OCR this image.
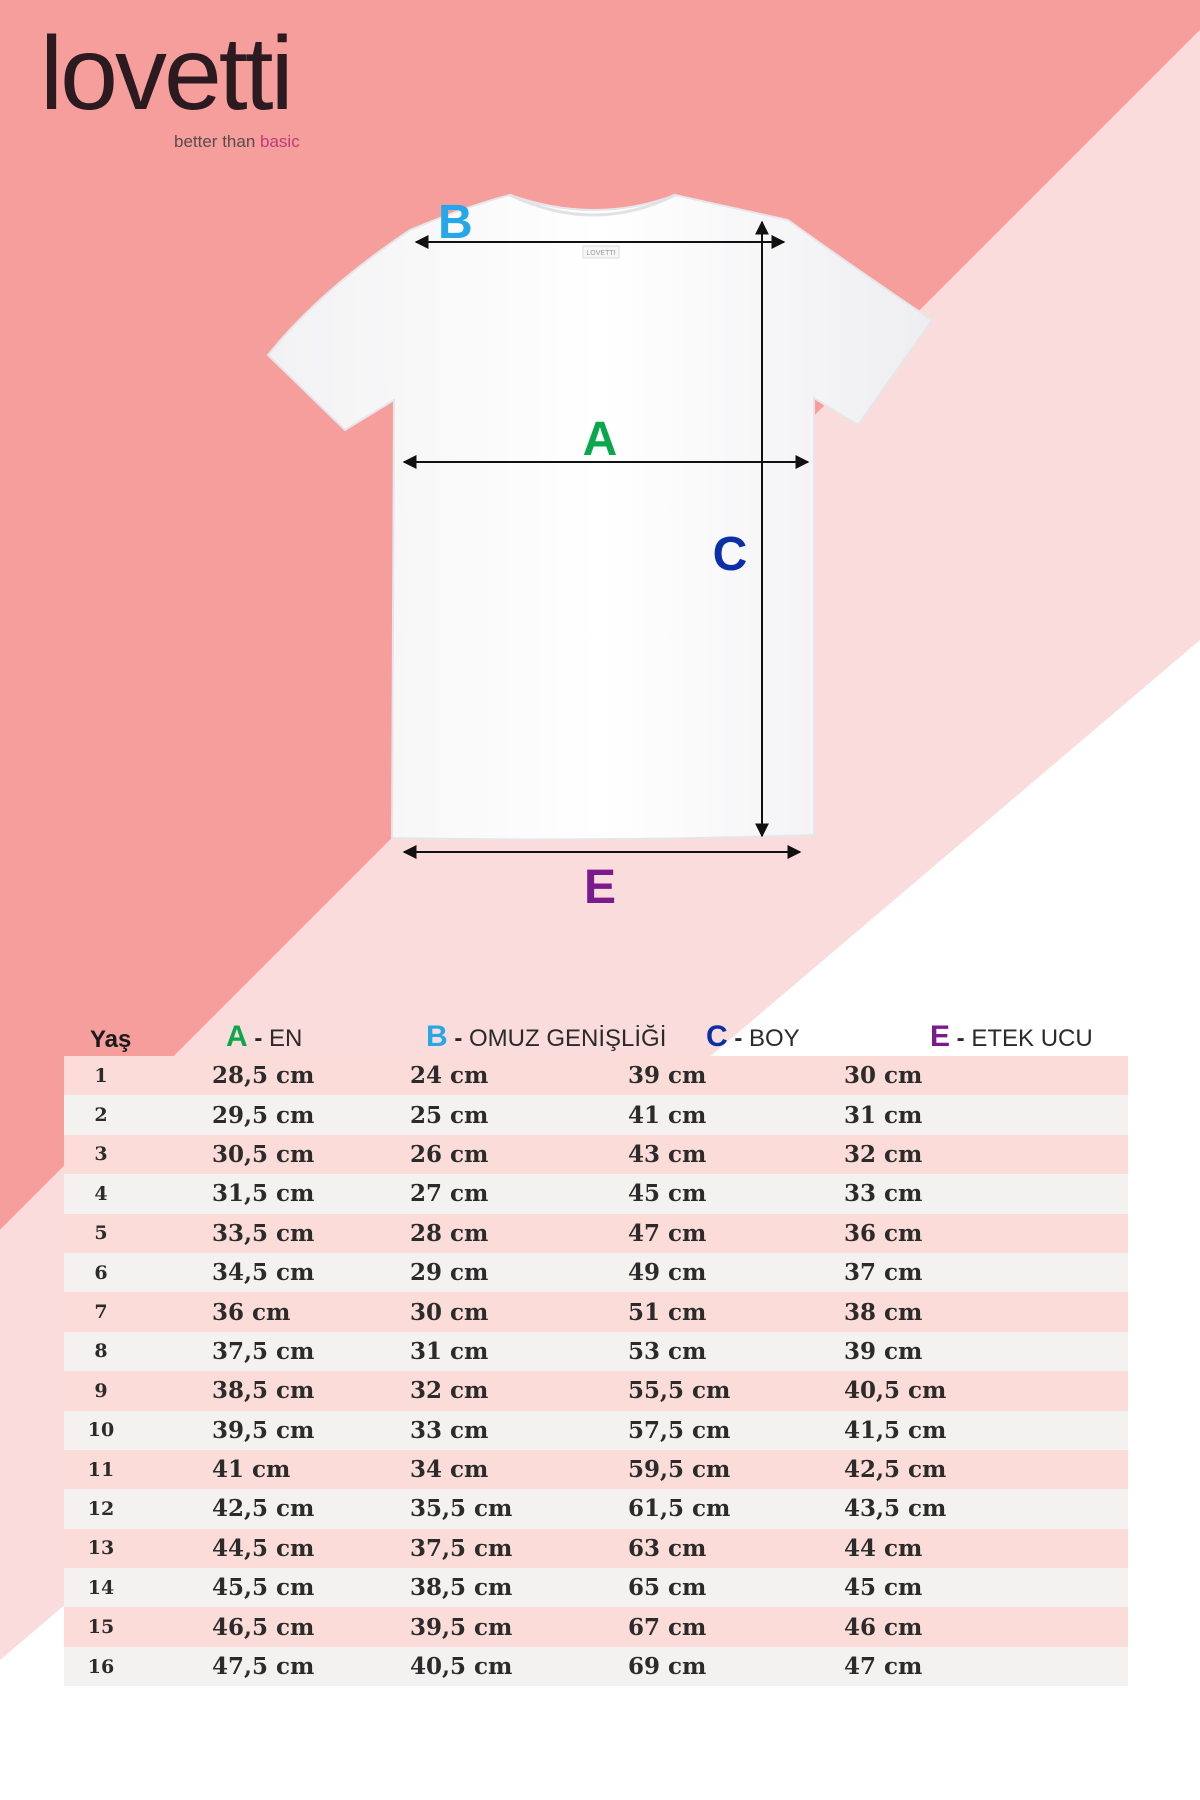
lovetti
better than basic
LOVETTI
B
A
C
E
Yaş	A - EN	B - OMUZ GENİŞLİĞİ	C - BOY	E - ETEK UCU
1	28,5 cm	24 cm	39 cm	30 cm
2	29,5 cm	25 cm	41 cm	31 cm
3	30,5 cm	26 cm	43 cm	32 cm
4	31,5 cm	27 cm	45 cm	33 cm
5	33,5 cm	28 cm	47 cm	36 cm
6	34,5 cm	29 cm	49 cm	37 cm
7	36 cm	30 cm	51 cm	38 cm
8	37,5 cm	31 cm	53 cm	39 cm
9	38,5 cm	32 cm	55,5 cm	40,5 cm
10	39,5 cm	33 cm	57,5 cm	41,5 cm
11	41 cm	34 cm	59,5 cm	42,5 cm
12	42,5 cm	35,5 cm	61,5 cm	43,5 cm
13	44,5 cm	37,5 cm	63 cm	44 cm
14	45,5 cm	38,5 cm	65 cm	45 cm
15	46,5 cm	39,5 cm	67 cm	46 cm
16	47,5 cm	40,5 cm	69 cm	47 cm
